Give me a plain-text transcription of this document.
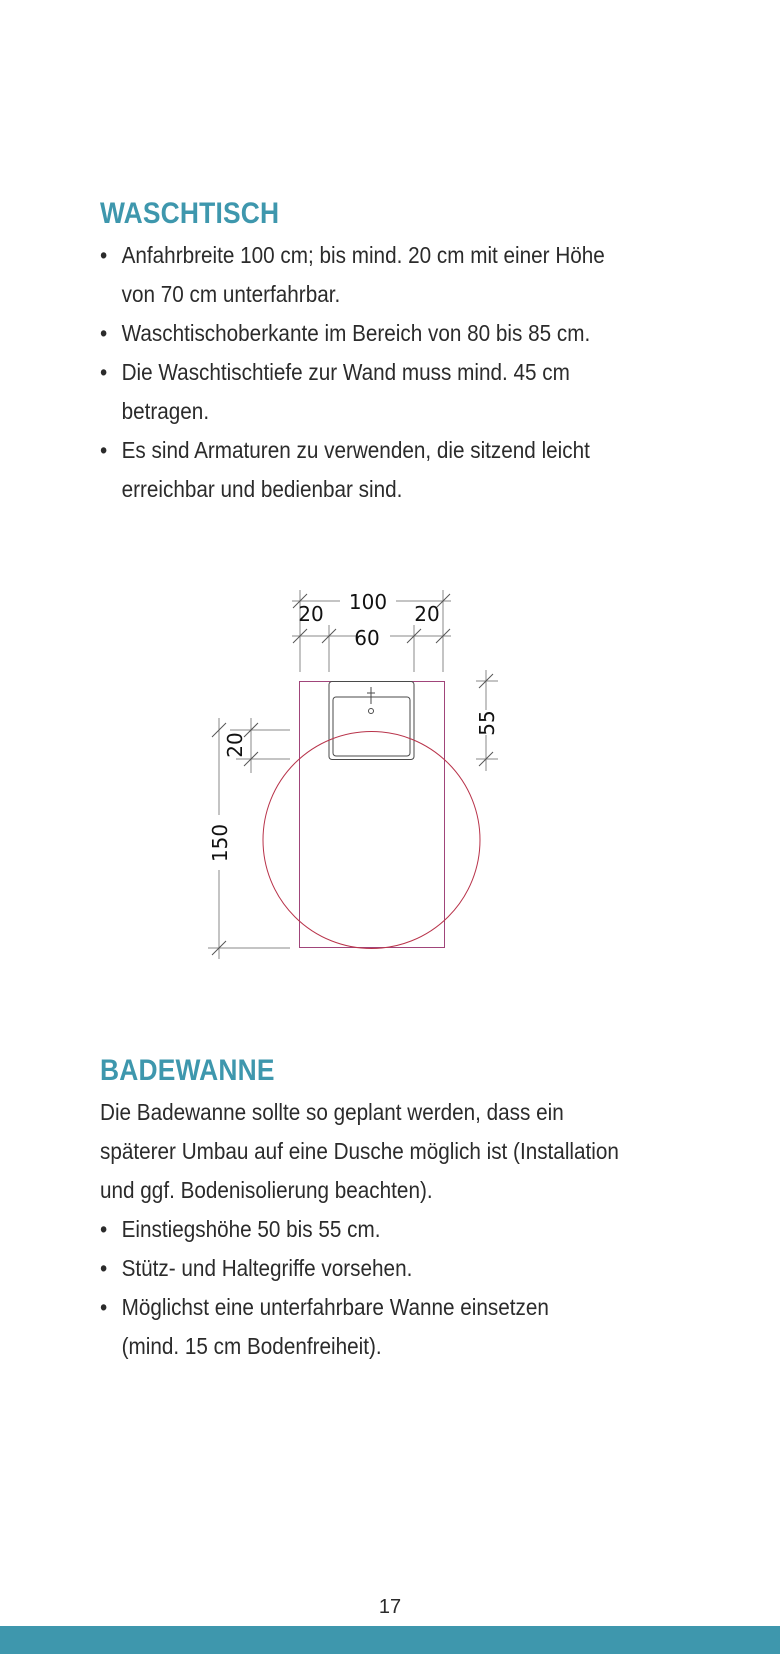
WASCHTISCH
• Anfahrbreite 100 cm; bis mind. 20 cm mit einer Höhe
von 70 cm unterfahrbar.
• Waschtischoberkante im Bereich von 80 bis 85 cm.
• Die Waschtischtiefe zur Wand muss mind. 45 cm
betragen.
• Es sind Armaturen zu verwenden, die sitzend leicht
erreichbar und bedienbar sind.
100
20	20
60
55
20
150
BADEWANNE

Die Badewanne sollte so geplant werden, dass ein
späterer Umbau auf eine Dusche möglich ist (Installation
und ggf. Bodenisolierung beachten).

• Einstiegshöhe 50 bis 55 cm.
• Stütz- und Haltegriffe vorsehen.
• Möglichst eine unterfahrbare Wanne einsetzen
(mind. 15 cm Bodenfreiheit).
17
